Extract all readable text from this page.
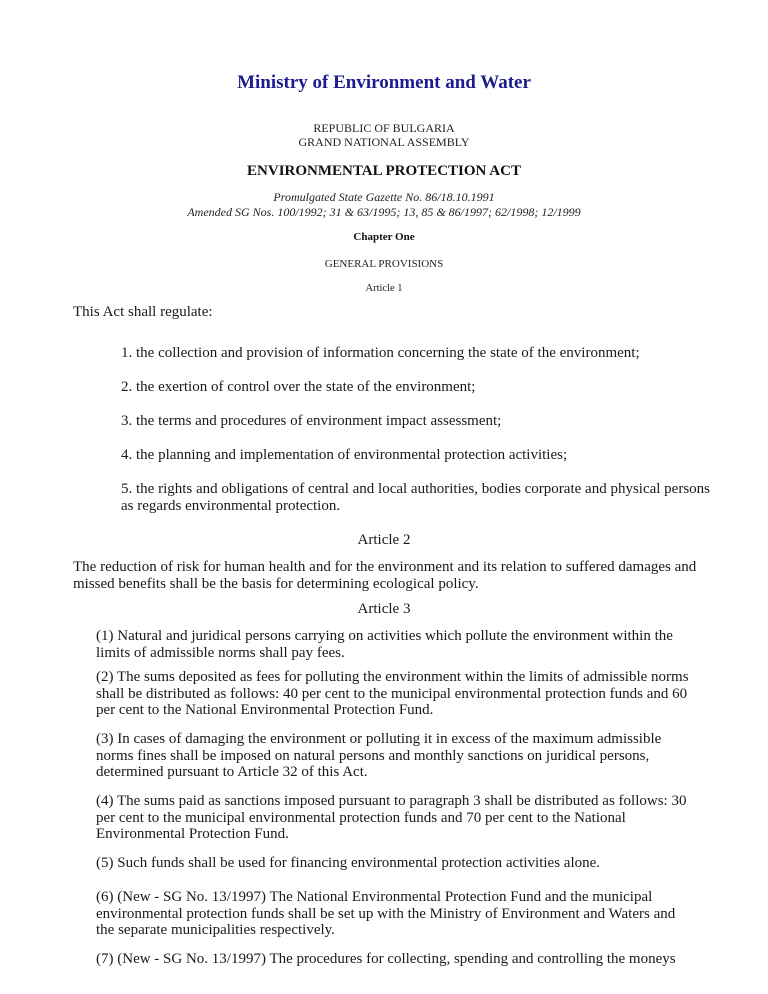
Ministry of Environment and Water
REPUBLIC OF BULGARIA
GRAND NATIONAL ASSEMBLY
ENVIRONMENTAL PROTECTION ACT
Promulgated State Gazette No. 86/18.10.1991
Amended SG Nos. 100/1992; 31 & 63/1995; 13, 85 & 86/1997; 62/1998; 12/1999
Chapter One
GENERAL PROVISIONS
Article 1
This Act shall regulate:
1. the collection and provision of information concerning the state of the environment;
2. the exertion of control over the state of the environment;
3. the terms and procedures of environment impact assessment;
4. the planning and implementation of environmental protection activities;
5. the rights and obligations of central and local authorities, bodies corporate and physical persons as regards environmental protection.
Article 2
The reduction of risk for human health and for the environment and its relation to suffered damages and missed benefits shall be the basis for determining ecological policy.
Article 3
(1) Natural and juridical persons carrying on activities which pollute the environment within the limits of admissible norms shall pay fees.
(2) The sums deposited as fees for polluting the environment within the limits of admissible norms shall be distributed as follows: 40 per cent to the municipal environmental protection funds and 60 per cent to the National Environmental Protection Fund.
(3) In cases of damaging the environment or polluting it in excess of the maximum admissible norms fines shall be imposed on natural persons and monthly sanctions on juridical persons, determined pursuant to Article 32 of this Act.
(4) The sums paid as sanctions imposed pursuant to paragraph 3 shall be distributed as follows: 30 per cent to the municipal environmental protection funds and 70 per cent to the National Environmental Protection Fund.
(5) Such funds shall be used for financing environmental protection activities alone.
(6) (New - SG No. 13/1997) The National Environmental Protection Fund and the municipal environmental protection funds shall be set up with the Ministry of Environment and Waters and the separate municipalities respectively.
(7) (New - SG No. 13/1997) The procedures for collecting, spending and controlling the moneys
